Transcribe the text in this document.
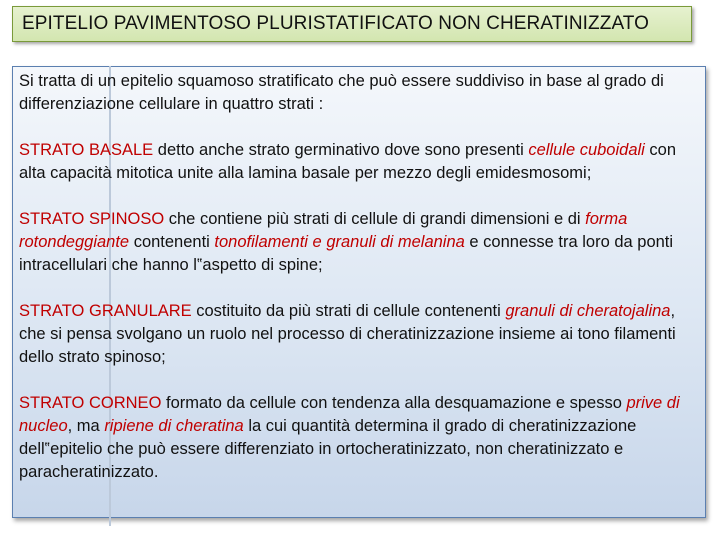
EPITELIO PAVIMENTOSO PLURISTATIFICATO NON CHERATINIZZATO

Si tratta di un epitelio squamoso stratificato che può essere suddiviso in base al grado di differenziazione cellulare in quattro strati :

STRATO BASALE detto anche strato germinativo dove sono presenti cellule cuboidali con alta capacità mitotica unite alla lamina basale per mezzo degli emidesmosomi;

STRATO SPINOSO che contiene più strati di cellule di grandi dimensioni e di forma rotondeggiante contenenti tonofilamenti e granuli di melanina e connesse tra loro da ponti intracellulari che hanno l‟aspetto di spine;

STRATO GRANULARE costituito da più strati di cellule contenenti granuli di cheratojalina, che si pensa svolgano un ruolo nel processo di cheratinizzazione insieme ai tono filamenti dello strato spinoso;

STRATO CORNEO formato da cellule con tendenza alla desquamazione e spesso prive di nucleo, ma ripiene di cheratina la cui quantità determina il grado di cheratinizzazione dell‟epitelio che può essere differenziato in ortocheratinizzato, non cheratinizzato e paracheratinizzato.
